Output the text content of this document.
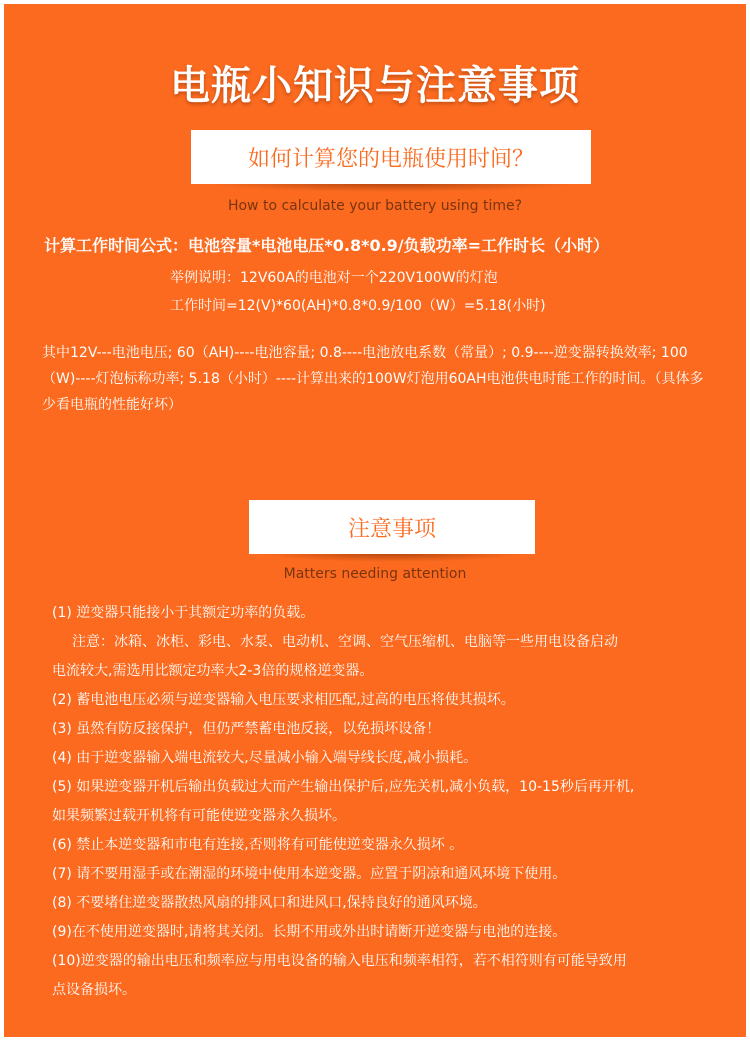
电瓶小知识与注意事项
如何计算您的电瓶使用时间？
How to calculate your battery using time?
计算工作时间公式：电池容量*电池电压*0.8*0.9/负载功率=工作时长（小时）
举例说明：12V60A的电池对一个220V100W的灯泡
工作时间=12(V)*60(AH)*0.8*0.9/100（W）=5.18(小时)
其中12V---电池电压; 60（AH)----电池容量; 0.8----电池放电系数（常量）; 0.9----逆变器转换效率; 100（W)----灯泡标称功率; 5.18（小时）----计算出来的100W灯泡用60AH电池供电时能工作的时间。（具体多少看电瓶的性能好坏）
注意事项
Matters needing attention
(1) 逆变器只能接小于其额定功率的负载。
注意：冰箱、冰柜、彩电、水泵、电动机、空调、空气压缩机、电脑等一些用电设备启动
电流较大,需选用比额定功率大2-3倍的规格逆变器。
(2) 蓄电池电压必须与逆变器输入电压要求相匹配,过高的电压将使其损坏。
(3) 虽然有防反接保护，但仍严禁蓄电池反接，以免损坏设备！
(4) 由于逆变器输入端电流较大,尽量减小输入端导线长度,减小损耗。
(5) 如果逆变器开机后输出负载过大而产生输出保护后,应先关机,减小负载，10-15秒后再开机,
如果频繁过载开机将有可能使逆变器永久损坏。
(6) 禁止本逆变器和市电有连接,否则将有可能使逆变器永久损坏 。
(7) 请不要用湿手或在潮湿的环境中使用本逆变器。应置于阴凉和通风环境下使用。
(8) 不要堵住逆变器散热风扇的排风口和进风口,保持良好的通风环境。
(9)在不使用逆变器时,请将其关闭。长期不用或外出时请断开逆变器与电池的连接。
(10)逆变器的输出电压和频率应与用电设备的输入电压和频率相符，若不相符则有可能导致用
点设备损坏。
